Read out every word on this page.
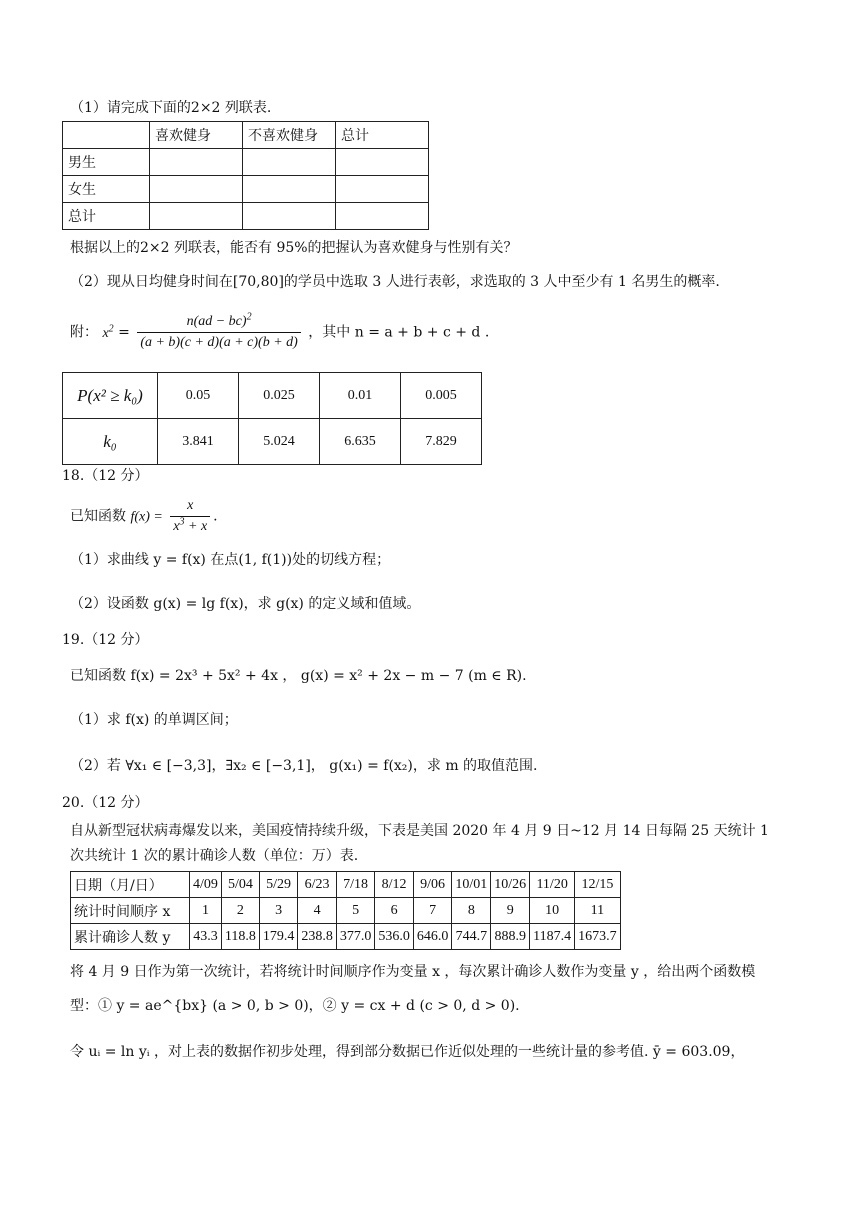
（1）请完成下面的2×2 列联表.
	喜欢健身	不喜欢健身	总计
男生			
女生			
总计			
根据以上的2×2 列联表，能否有 95%的把握认为喜欢健身与性别有关？
（2）现从日均健身时间在[70,80]的学员中选取 3 人进行表彰，求选取的 3 人中至少有 1 名男生的概率.
附： $x^2 = \frac{n(ad - bc)^2}{(a + b)(c + d)(a + c)(b + d)}$ ，其中 n = a + b + c + d .
P(x² ≥ k₀)	0.05	0.025	0.01	0.005
k₀	3.841	5.024	6.635	7.829
18.（12 分）
已知函数 $f(x) = \frac{x}{x^3 + x}$ .
（1）求曲线 y = f(x) 在点(1, f(1))处的切线方程；
（2）设函数 g(x) = lg f(x)，求 g(x) 的定义域和值域。
19.（12 分）
已知函数 f(x) = 2x³ + 5x² + 4x ， g(x) = x² + 2x − m − 7 (m ∈ R).
（1）求 f(x) 的单调区间；
（2）若 ∀x₁ ∈ [−3,3]，∃x₂ ∈ [−3,1]， g(x₁) = f(x₂)，求 m 的取值范围.
20.（12 分）
自从新型冠状病毒爆发以来，美国疫情持续升级，下表是美国 2020 年 4 月 9 日~12 月 14 日每隔 25 天统计 1
次共统计 1 次的累计确诊人数（单位：万）表.
日期（月/日）	4/09	5/04	5/29	6/23	7/18	8/12	9/06	10/01	10/26	11/20	12/15
统计时间顺序 x	1	2	3	4	5	6	7	8	9	10	11
累计确诊人数 y	43.3	118.8	179.4	238.8	377.0	536.0	646.0	744.7	888.9	1187.4	1673.7
将 4 月 9 日作为第一次统计，若将统计时间顺序作为变量 x ，每次累计确诊人数作为变量 y ，给出两个函数模
型：① y = ae^{bx} (a > 0, b > 0)，② y = cx + d (c > 0, d > 0).
令 uᵢ = ln yᵢ ，对上表的数据作初步处理，得到部分数据已作近似处理的一些统计量的参考值. ȳ = 603.09，
